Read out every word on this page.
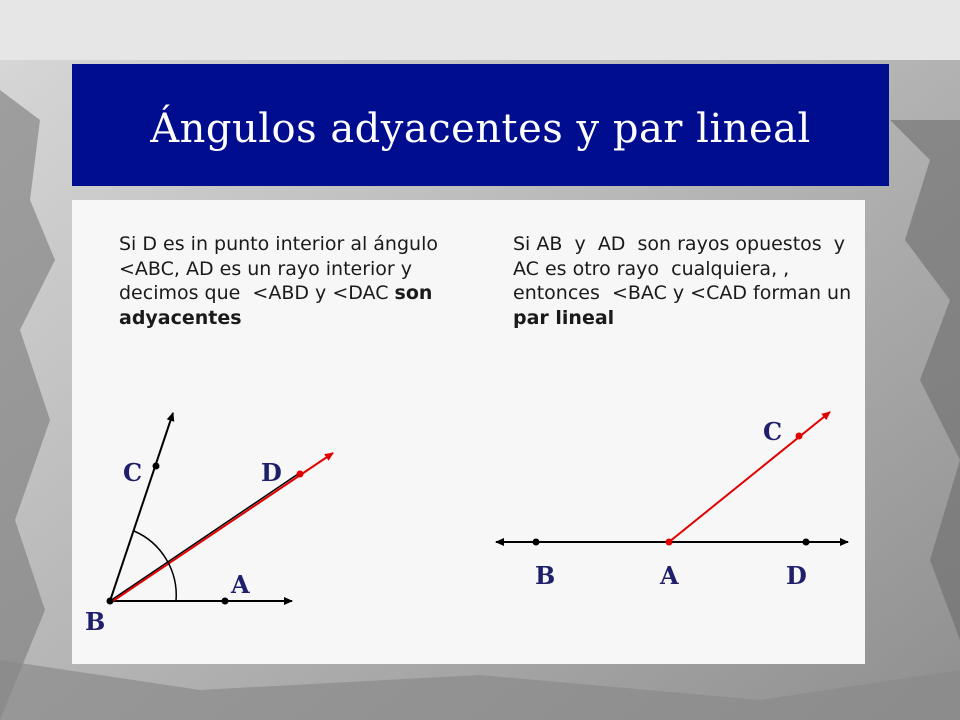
Ángulos adyacentes y par lineal
Si D es in punto interior al ángulo <ABC, AD es un rayo interior y decimos que  <ABD y <DAC son adyacentes
Si AB  y  AD  son rayos opuestos  y AC es otro rayo  cualquiera, , entonces  <BAC y <CAD forman un par lineal
C	D
A
B
C
B	A	D
